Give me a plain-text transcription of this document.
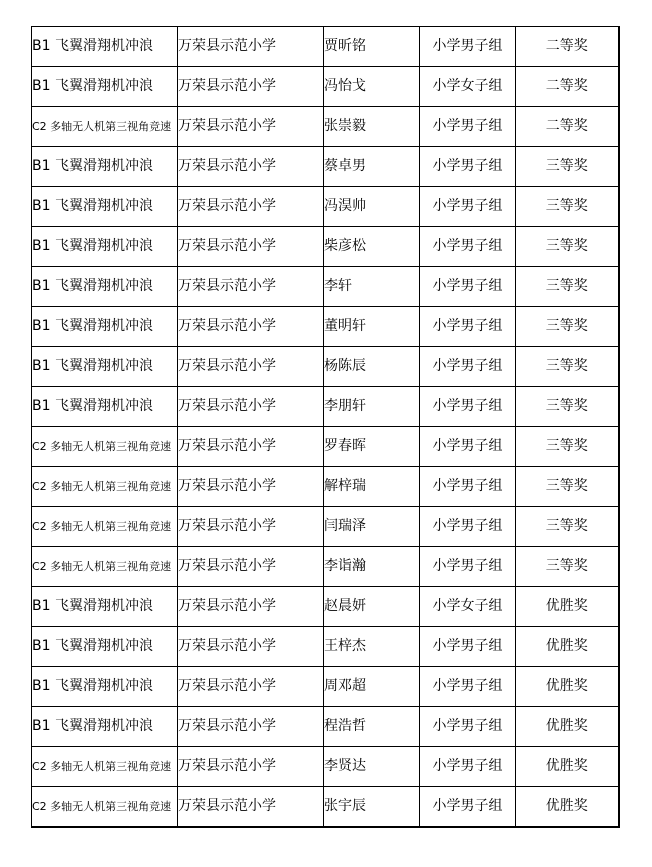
B1 飞翼滑翔机冲浪	万荣县示范小学	贾昕铭	小学男子组	二等奖
B1 飞翼滑翔机冲浪	万荣县示范小学	冯怡戈	小学女子组	二等奖
C2 多轴无人机第三视角竞速	万荣县示范小学	张崇毅	小学男子组	二等奖
B1 飞翼滑翔机冲浪	万荣县示范小学	蔡卓男	小学男子组	三等奖
B1 飞翼滑翔机冲浪	万荣县示范小学	冯淏帅	小学男子组	三等奖
B1 飞翼滑翔机冲浪	万荣县示范小学	柴彦松	小学男子组	三等奖
B1 飞翼滑翔机冲浪	万荣县示范小学	李轩	小学男子组	三等奖
B1 飞翼滑翔机冲浪	万荣县示范小学	董明轩	小学男子组	三等奖
B1 飞翼滑翔机冲浪	万荣县示范小学	杨陈辰	小学男子组	三等奖
B1 飞翼滑翔机冲浪	万荣县示范小学	李朋轩	小学男子组	三等奖
C2 多轴无人机第三视角竞速	万荣县示范小学	罗春晖	小学男子组	三等奖
C2 多轴无人机第三视角竞速	万荣县示范小学	解梓瑞	小学男子组	三等奖
C2 多轴无人机第三视角竞速	万荣县示范小学	闫瑞泽	小学男子组	三等奖
C2 多轴无人机第三视角竞速	万荣县示范小学	李诣瀚	小学男子组	三等奖
B1 飞翼滑翔机冲浪	万荣县示范小学	赵晨妍	小学女子组	优胜奖
B1 飞翼滑翔机冲浪	万荣县示范小学	王梓杰	小学男子组	优胜奖
B1 飞翼滑翔机冲浪	万荣县示范小学	周邓超	小学男子组	优胜奖
B1 飞翼滑翔机冲浪	万荣县示范小学	程浩哲	小学男子组	优胜奖
C2 多轴无人机第三视角竞速	万荣县示范小学	李贤达	小学男子组	优胜奖
C2 多轴无人机第三视角竞速	万荣县示范小学	张宇辰	小学男子组	优胜奖
